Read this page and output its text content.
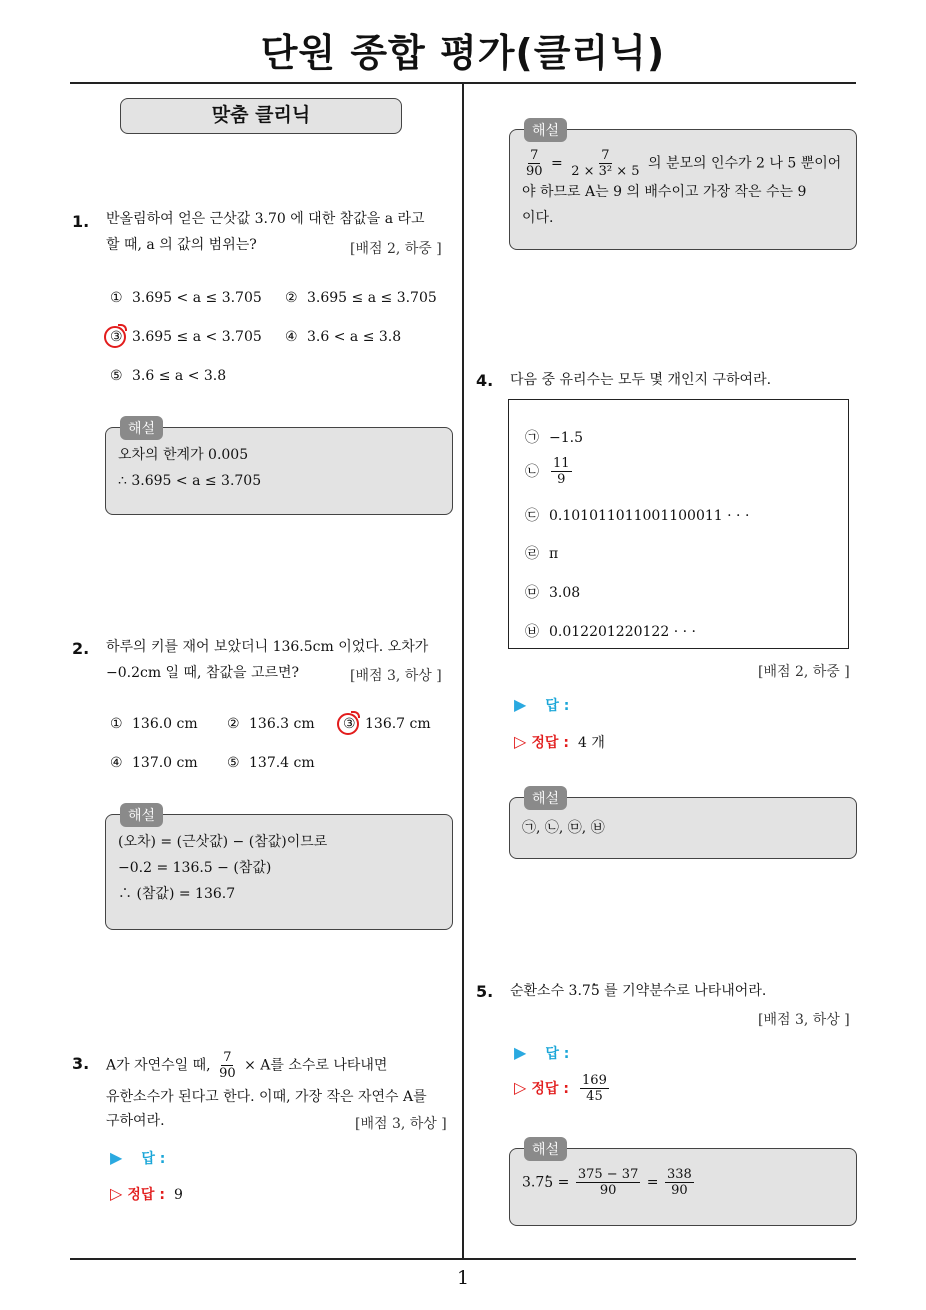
단원 종합 평가(클리닉)
1
맞춤 클리닉
1. 반올림하여 얻은 근삿값 3.70 에 대한 참값을 a 라고
할 때, a 의 값의 범위는?	[배점 2, 하중 ]
① 3.695 < a ≤ 3.705 ② 3.695 ≤ a ≤ 3.705
③ 3.695 ≤ a < 3.705 ④ 3.6 < a ≤ 3.8
⑤ 3.6 ≤ a < 3.8
해설
오차의 한계가 0.005
∴ 3.695 < a ≤ 3.705
2. 하루의 키를 재어 보았더니 136.5cm 이었다. 오차가
−0.2cm 일 때, 참값을 고르면?	[배점 3, 하상 ]
① 136.0 cm ② 136.3 cm ③ 136.7 cm
④ 137.0 cm ⑤ 137.4 cm
해설
(오차) = (근삿값) − (참값)이므로
−0.2 = 136.5 − (참값)
∴ (참값) = 136.7
3. A가 자연수일 때, $\frac{7}{90} \times A$를 소수로 나타내면
유한소수가 된다고 한다. 이때, 가장 작은 자연수 A를
구하여라.	[배점 3, 하상 ]
▶ 답 :
▷ 정답 : 9
해설
$\frac{7}{90} = \frac{7}{\text{2 × 3² × 5}}$ 의 분모의 인수가 2 나 5 뿐이어
야 하므로 A는 9 의 배수이고 가장 작은 수는 9
이다.
4. 다음 중 유리수는 모두 몇 개인지 구하여라.
㉠ −1.5
㉡ $\frac{11}{9}$
㉢ 0.101011011001100011 · · ·
㉣ π
㉤ 3.08
㉥ 0.012201220122 · · ·
[배점 2, 하중 ]
▶ 답 :
▷ 정답 : 4 개
해설
㉠, ㉡, ㉤, ㉥
5. 순환소수 3.7· 5 를 기약분수로 나타내어라.
[배점 3, 하상 ]
▶ 답 :
▷ 정답 : $\frac{169}{45}$
해설
$3.7\cdot 5 = \frac{375 - 37}{90} = \frac{338}{90}$
